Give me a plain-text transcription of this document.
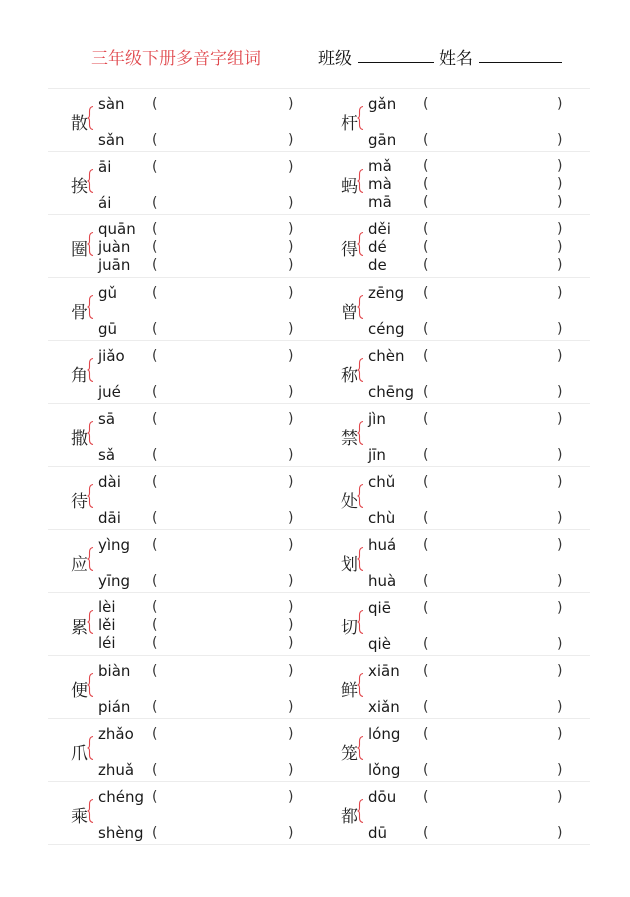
三年级下册多音字组词	班级	姓名
散
sàn (	)
sǎn (	)
杆
gǎn (	)
gān (	)
挨
āi	(	)
ái	(	)
蚂
mǎ (	)
mà (	)
mā (	)
圈
quān (	)
juàn (	)
juān (	)
得
děi (	)
dé	(	)
de	(	)
骨
gǔ (	)
gū (	)
曾
zēng (	)
céng (	)
角
jiǎo (	)
jué (	)
称
chèn (	)
chēng (	)
撒
sā	(	)
sǎ	(	)
禁
jìn	(	)
jīn	(	)
待
dài (	)
dāi (	)
处
chǔ (	)
chù (	)
应
yìng (	)
yīng (	)
划
huá (	)
huà (	)
累
lèi	(	)
lěi	(	)
léi	(	)
切
qiē (	)
qiè (	)
便
biàn (	)
pián (	)
鲜
xiān (	)
xiǎn (	)
爪
zhǎo (	)
zhuǎ (	)
笼
lóng (	)
lǒng (	)
乘
chéng (	)
shèng (	)
都
dōu (	)
dū	(	)
